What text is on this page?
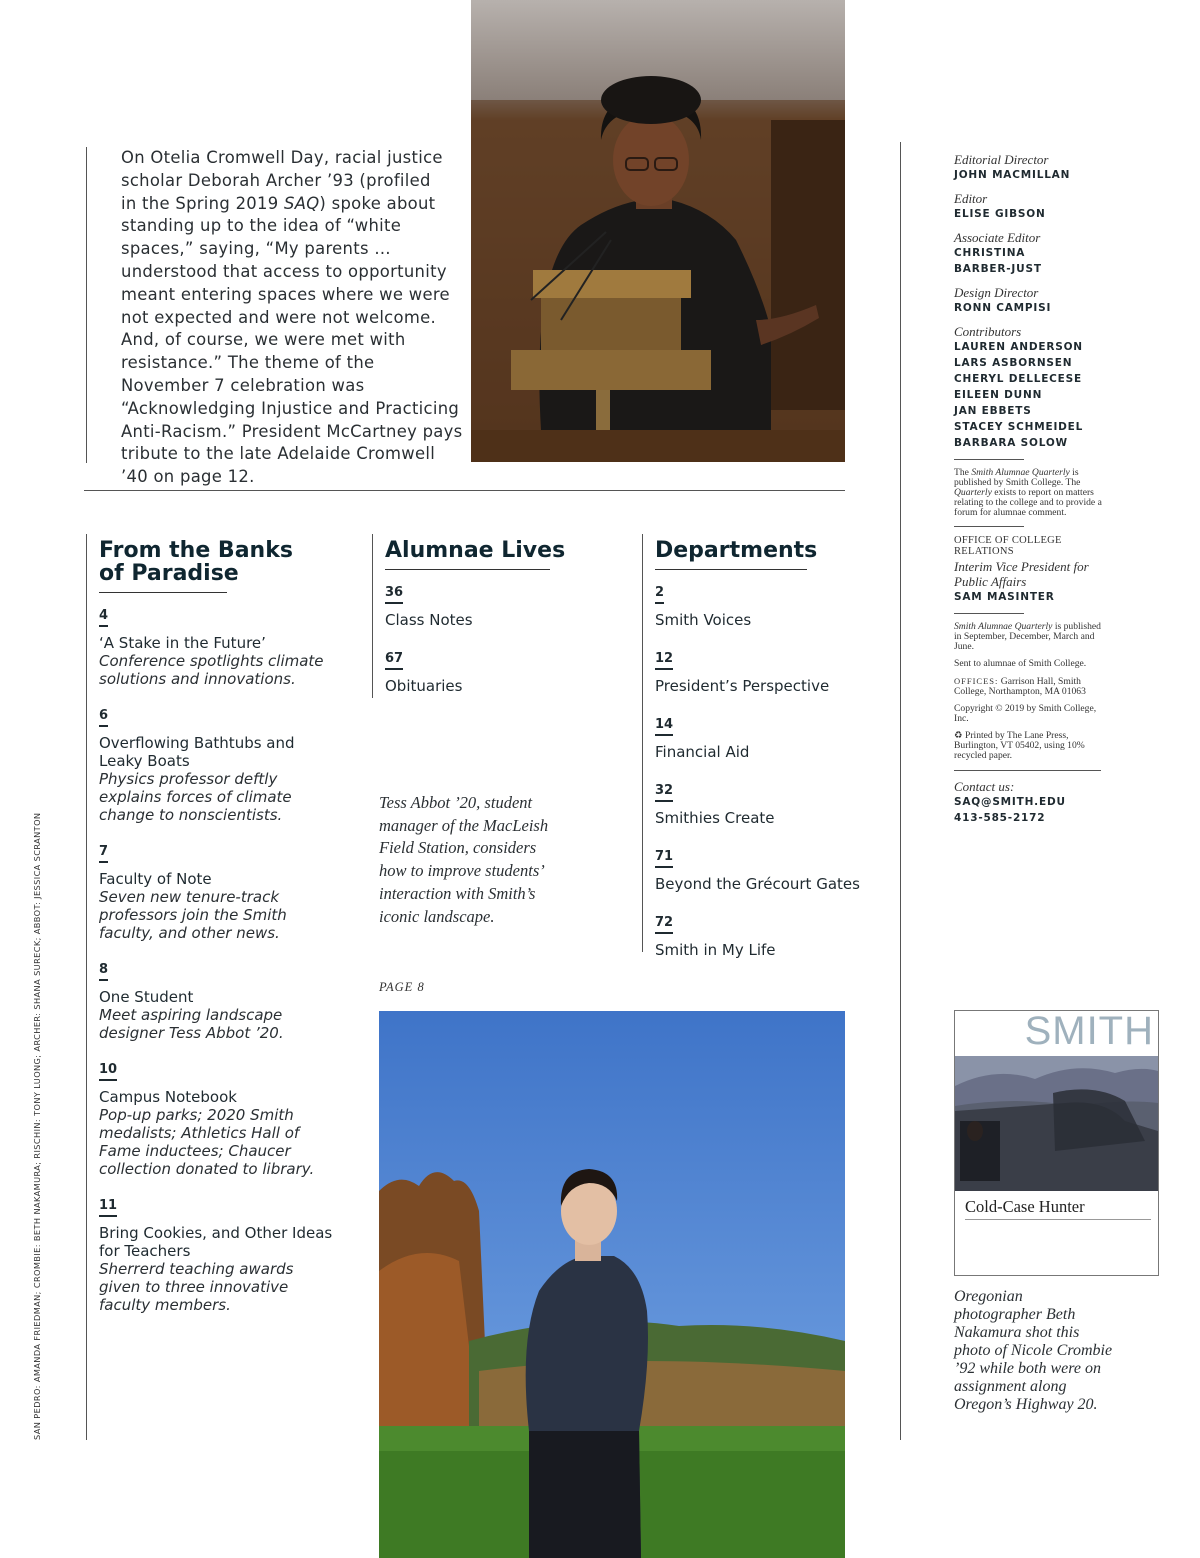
On Otelia Cromwell Day, racial justice
scholar Deborah Archer ’93 (profiled
in the Spring 2019 SAQ) spoke about standing up to the idea of “white spaces,” saying, “My parents … understood that access to opportunity meant entering spaces where we were not expected and were not welcome. And, of course, we were met with resistance.” The theme of the November 7 celebration was “Acknowledging Injustice and Practicing Anti-Racism.” President McCartney pays tribute to the late Adelaide Cromwell ’40 on page 12.
From the Banks
of Paradise
4
‘A Stake in the Future’
Conference spotlights climate solutions and innovations.
6
Overflowing Bathtubs and Leaky Boats
Physics professor deftly explains forces of climate change to nonscientists.
7
Faculty of Note
Seven new tenure-track professors join the Smith faculty, and other news.
8
One Student
Meet aspiring landscape designer Tess Abbot ’20.
10
Campus Notebook
Pop-up parks; 2020 Smith medalists; Athletics Hall of Fame inductees; Chaucer collection donated to library.
11
Bring Cookies, and Other Ideas for Teachers
Sherrerd teaching awards given to three innovative faculty members.
Alumnae Lives
36
Class Notes
67
Obituaries
Departments
2
Smith Voices
12
President’s Perspective
14
Financial Aid
32
Smithies Create
71
Beyond the Grécourt Gates
72
Smith in My Life
Tess Abbot ’20, student manager of the MacLeish Field Station, considers how to improve students’ interaction with Smith’s iconic landscape.
PAGE 8
Editorial Director
JOHN MACMILLAN
Editor
ELISE GIBSON
Associate Editor
CHRISTINA
BARBER-JUST
Design Director
RONN CAMPISI
Contributors
LAUREN ANDERSON
LARS ASBORNSEN
CHERYL DELLECESE
EILEEN DUNN
JAN EBBETS
STACEY SCHMEIDEL
BARBARA SOLOW
The Smith Alumnae Quarterly is published by Smith College. The Quarterly exists to report on matters relating to the college and to provide a forum for alumnae comment.
OFFICE OF COLLEGE RELATIONS
Interim Vice President for Public Affairs
SAM MASINTER
Smith Alumnae Quarterly is published in September, December, March and June.
Sent to alumnae of Smith College.
OFFICES: Garrison Hall, Smith College, Northampton, MA 01063
Copyright © 2019 by Smith College, Inc.
♻ Printed by The Lane Press, Burlington, VT 05402, using 10% recycled paper.
Contact us:
SAQ@SMITH.EDU
413-585-2172
SMITH
Cold-Case Hunter
Oregonian photographer Beth Nakamura shot this photo of Nicole Crombie ’92 while both were on assignment along Oregon’s Highway 20.
SAN PEDRO: AMANDA FRIEDMAN; CROMBIE: BETH NAKAMURA; RISCHIN: TONY LUONG; ARCHER: SHANA SURECK; ABBOT: JESSICA SCRANTON
